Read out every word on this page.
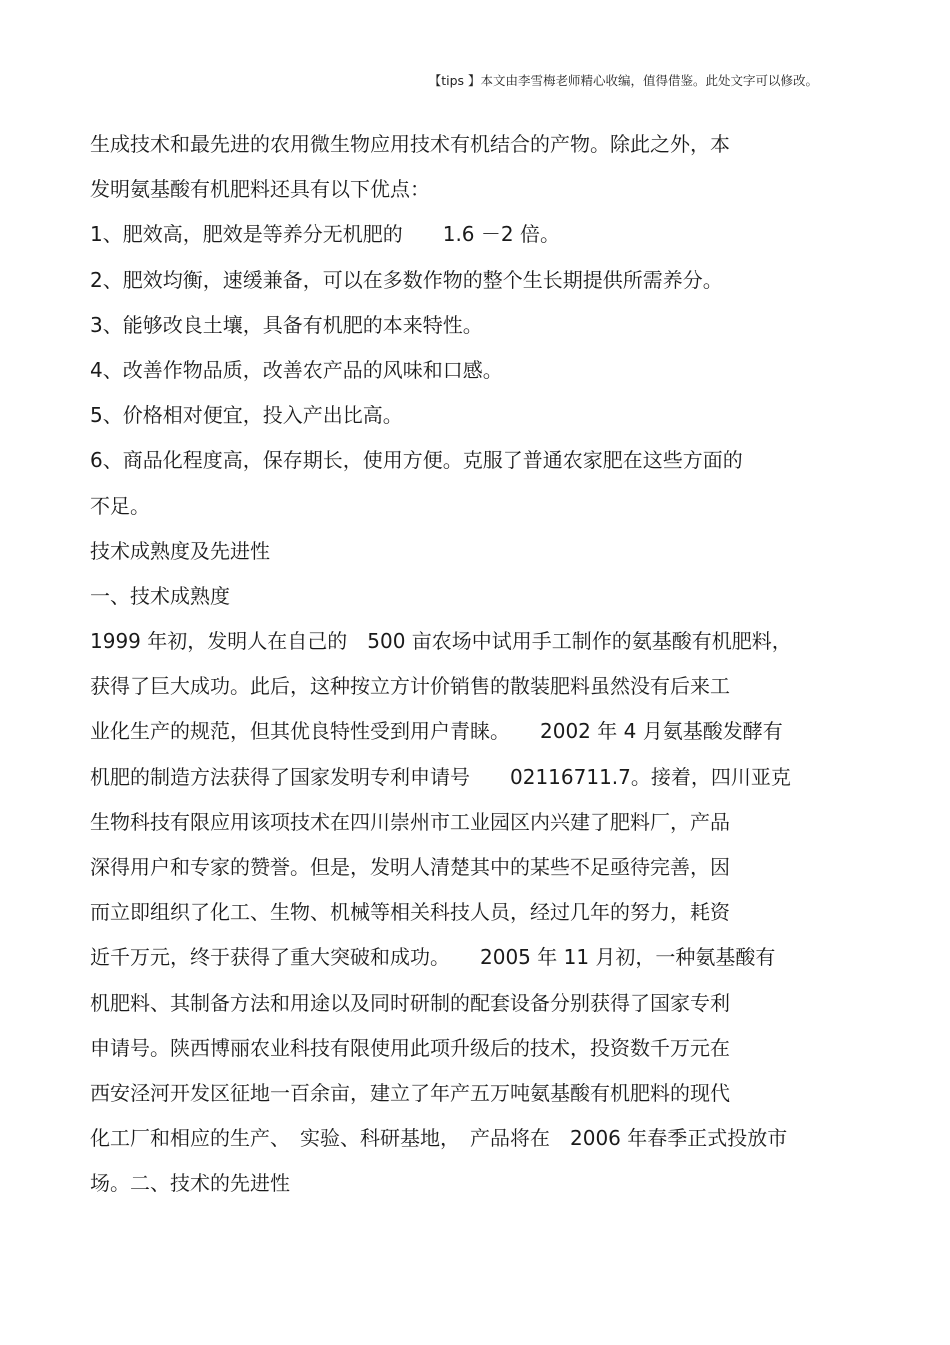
【tips 】本文由李雪梅老师精心收编，值得借鉴。此处文字可以修改。
生成技术和最先进的农用微生物应用技术有机结合的产物。除此之外，本
发明氨基酸有机肥料还具有以下优点：
1、肥效高，肥效是等养分无机肥的　　1.6 －2 倍。
2、肥效均衡，速缓兼备，可以在多数作物的整个生长期提供所需养分。
3、能够改良土壤，具备有机肥的本来特性。
4、改善作物品质，改善农产品的风味和口感。
5、价格相对便宜，投入产出比高。
6、商品化程度高，保存期长，使用方便。克服了普通农家肥在这些方面的
不足。
技术成熟度及先进性
一、技术成熟度
1999 年初，发明人在自己的　500 亩农场中试用手工制作的氨基酸有机肥料，
获得了巨大成功。此后，这种按立方计价销售的散装肥料虽然没有后来工
业化生产的规范，但其优良特性受到用户青睐。　　2002 年 4 月氨基酸发酵有
机肥的制造方法获得了国家发明专利申请号　　02116711.7。接着，四川亚克
生物科技有限应用该项技术在四川崇州市工业园区内兴建了肥料厂，产品
深得用户和专家的赞誉。但是，发明人清楚其中的某些不足亟待完善，因
而立即组织了化工、生物、机械等相关科技人员，经过几年的努力，耗资
近千万元，终于获得了重大突破和成功。　　2005 年 11 月初，一种氨基酸有
机肥料、其制备方法和用途以及同时研制的配套设备分别获得了国家专利
申请号。陕西博丽农业科技有限使用此项升级后的技术，投资数千万元在
西安泾河开发区征地一百余亩，建立了年产五万吨氨基酸有机肥料的现代
化工厂和相应的生产、　实验、科研基地，　产品将在　2006 年春季正式投放市
场。二、技术的先进性
